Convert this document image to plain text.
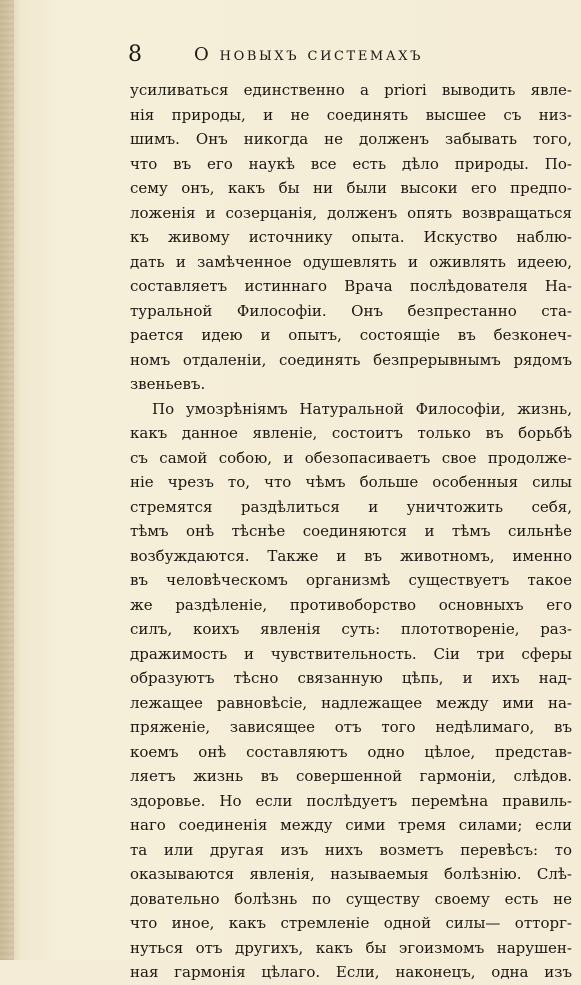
8	О новыхъ системахъ
усиливаться единственно a priori выводить явле-
нія природы, и не соединять высшее съ низ-
шимъ. Онъ никогда не долженъ забывать того,
что въ его наукѣ все есть дѣло природы. По-
сему онъ, какъ бы ни были высоки его предпо-
ложенія и созерцанія, долженъ опять возвращаться
къ живому источнику опыта. Искуство наблю-
дать и замѣченное одушевлять и оживлять идеею,
составляетъ истиннаго Врача послѣдователя На-
туральной Философіи. Онъ безпрестанно ста-
рается идею и опытъ, состоящіе въ безконеч-
номъ отдаленіи, соединять безпрерывнымъ рядомъ
звеньевъ.
По умозрѣніямъ Натуральной Философіи, жизнь,
какъ данное явленіе, состоитъ только въ борьбѣ
съ самой собою, и обезопасиваетъ свое продолже-
ніе чрезъ то, что чѣмъ больше особенныя силы
стремятся раздѣлиться и уничтожить себя,
тѣмъ онѣ тѣснѣе соединяются и тѣмъ сильнѣе
возбуждаются. Также и въ животномъ, именно
въ человѣческомъ организмѣ существуетъ такое
же раздѣленіе, противоборство основныхъ его
силъ, коихъ явленія суть: плототвореніе, раз-
дражимость и чувствительность. Сіи три сферы
образуютъ тѣсно связанную цѣпь, и ихъ над-
лежащее равновѣсіе, надлежащее между ими на-
пряженіе, зависящее отъ того недѣлимаго, въ
коемъ онѣ составляютъ одно цѣлое, представ-
ляетъ жизнь въ совершенной гармоніи, слѣдов.
здоровье. Но если послѣдуетъ перемѣна правиль-
наго соединенія между сими тремя силами; если
та или другая изъ нихъ возметъ перевѣсъ: то
оказываются явленія, называемыя болѣзнію. Слѣ-
довательно болѣзнь по существу своему есть не
что иное, какъ стремленіе одной силы— отторг-
нуться отъ другихъ, какъ бы эгоизмомъ нарушен-
ная гармонія цѣлаго. Если, наконецъ, одна изъ
